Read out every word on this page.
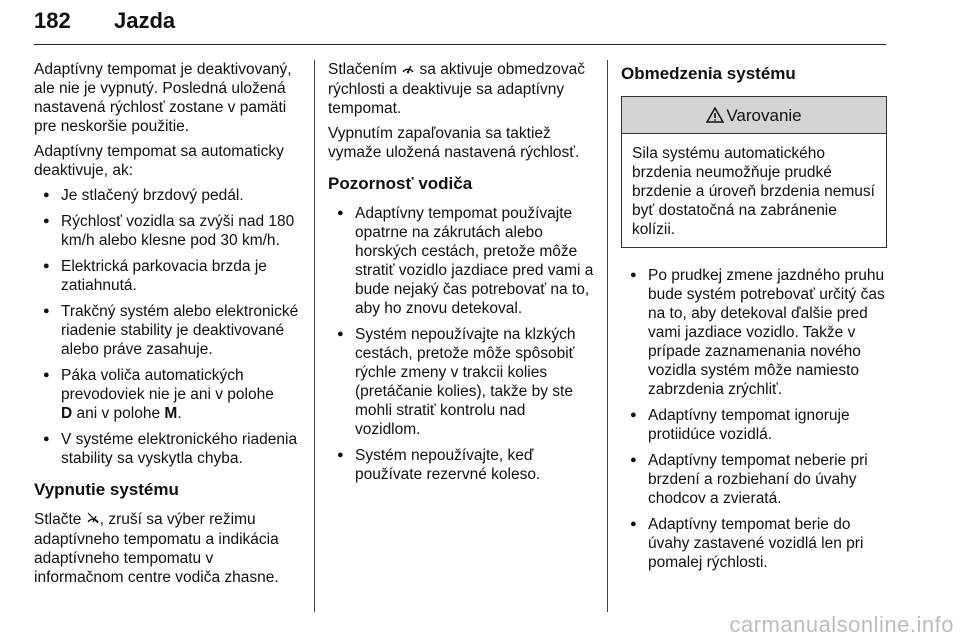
182 Jazda

Adaptívny tempomat je deaktivovaný, ale nie je vypnutý. Posledná uložená nastavená rýchlosť zostane v pamäti pre neskoršie použitie.

Adaptívny tempomat sa automaticky deaktivuje, ak:

● Je stlačený brzdový pedál.
● Rýchlosť vozidla sa zvýši nad 180 km/h alebo klesne pod 30 km/h.
● Elektrická parkovacia brzda je zatiahnutá.
● Trakčný systém alebo elektronické riadenie stability je deaktivované alebo práve zasahuje.
● Páka voliča automatických prevodoviek nie je ani v polohe
D ani v polohe M.
● V systéme elektronického riadenia stability sa vyskytla chyba.
Vypnutie systému

Stlačte , zruší sa výber režimu adaptívneho tempomatu a indikácia adaptívneho tempomatu v informačnom centre vodiča zhasne.

Stlačením  sa aktivuje obmedzovač rýchlosti a deaktivuje sa adaptívny tempomat.

Vypnutím zapaľovania sa taktiež vymaže uložená nastavená rýchlosť.

Pozornosť vodiča
● Adaptívny tempomat používajte opatrne na zákrutách alebo horských cestách, pretože môže stratiť vozidlo jazdiace pred vami a bude nejaký čas potrebovať na to, aby ho znovu detekoval.
● Systém nepoužívajte na klzkých cestách, pretože môže spôsobiť rýchle zmeny v trakcii kolies (pretáčanie kolies), takže by ste mohli stratiť kontrolu nad vozidlom.
● Systém nepoužívajte, keď používate rezervné koleso.
Obmedzenia systému
Varovanie
Sila systému automatického brzdenia neumožňuje prudké brzdenie a úroveň brzdenia nemusí byť dostatočná na zabránenie kolízii.
● Po prudkej zmene jazdného pruhu bude systém potrebovať určitý čas na to, aby detekoval ďalšie pred vami jazdiace vozidlo. Takže v prípade zaznamenania nového vozidla systém môže namiesto zabrzdenia zrýchliť.
● Adaptívny tempomat ignoruje protiidúce vozidlá.
● Adaptívny tempomat neberie pri brzdení a rozbiehaní do úvahy chodcov a zvieratá.
● Adaptívny tempomat berie do úvahy zastavené vozidlá len pri pomalej rýchlosti.
carmanualsonline.info
